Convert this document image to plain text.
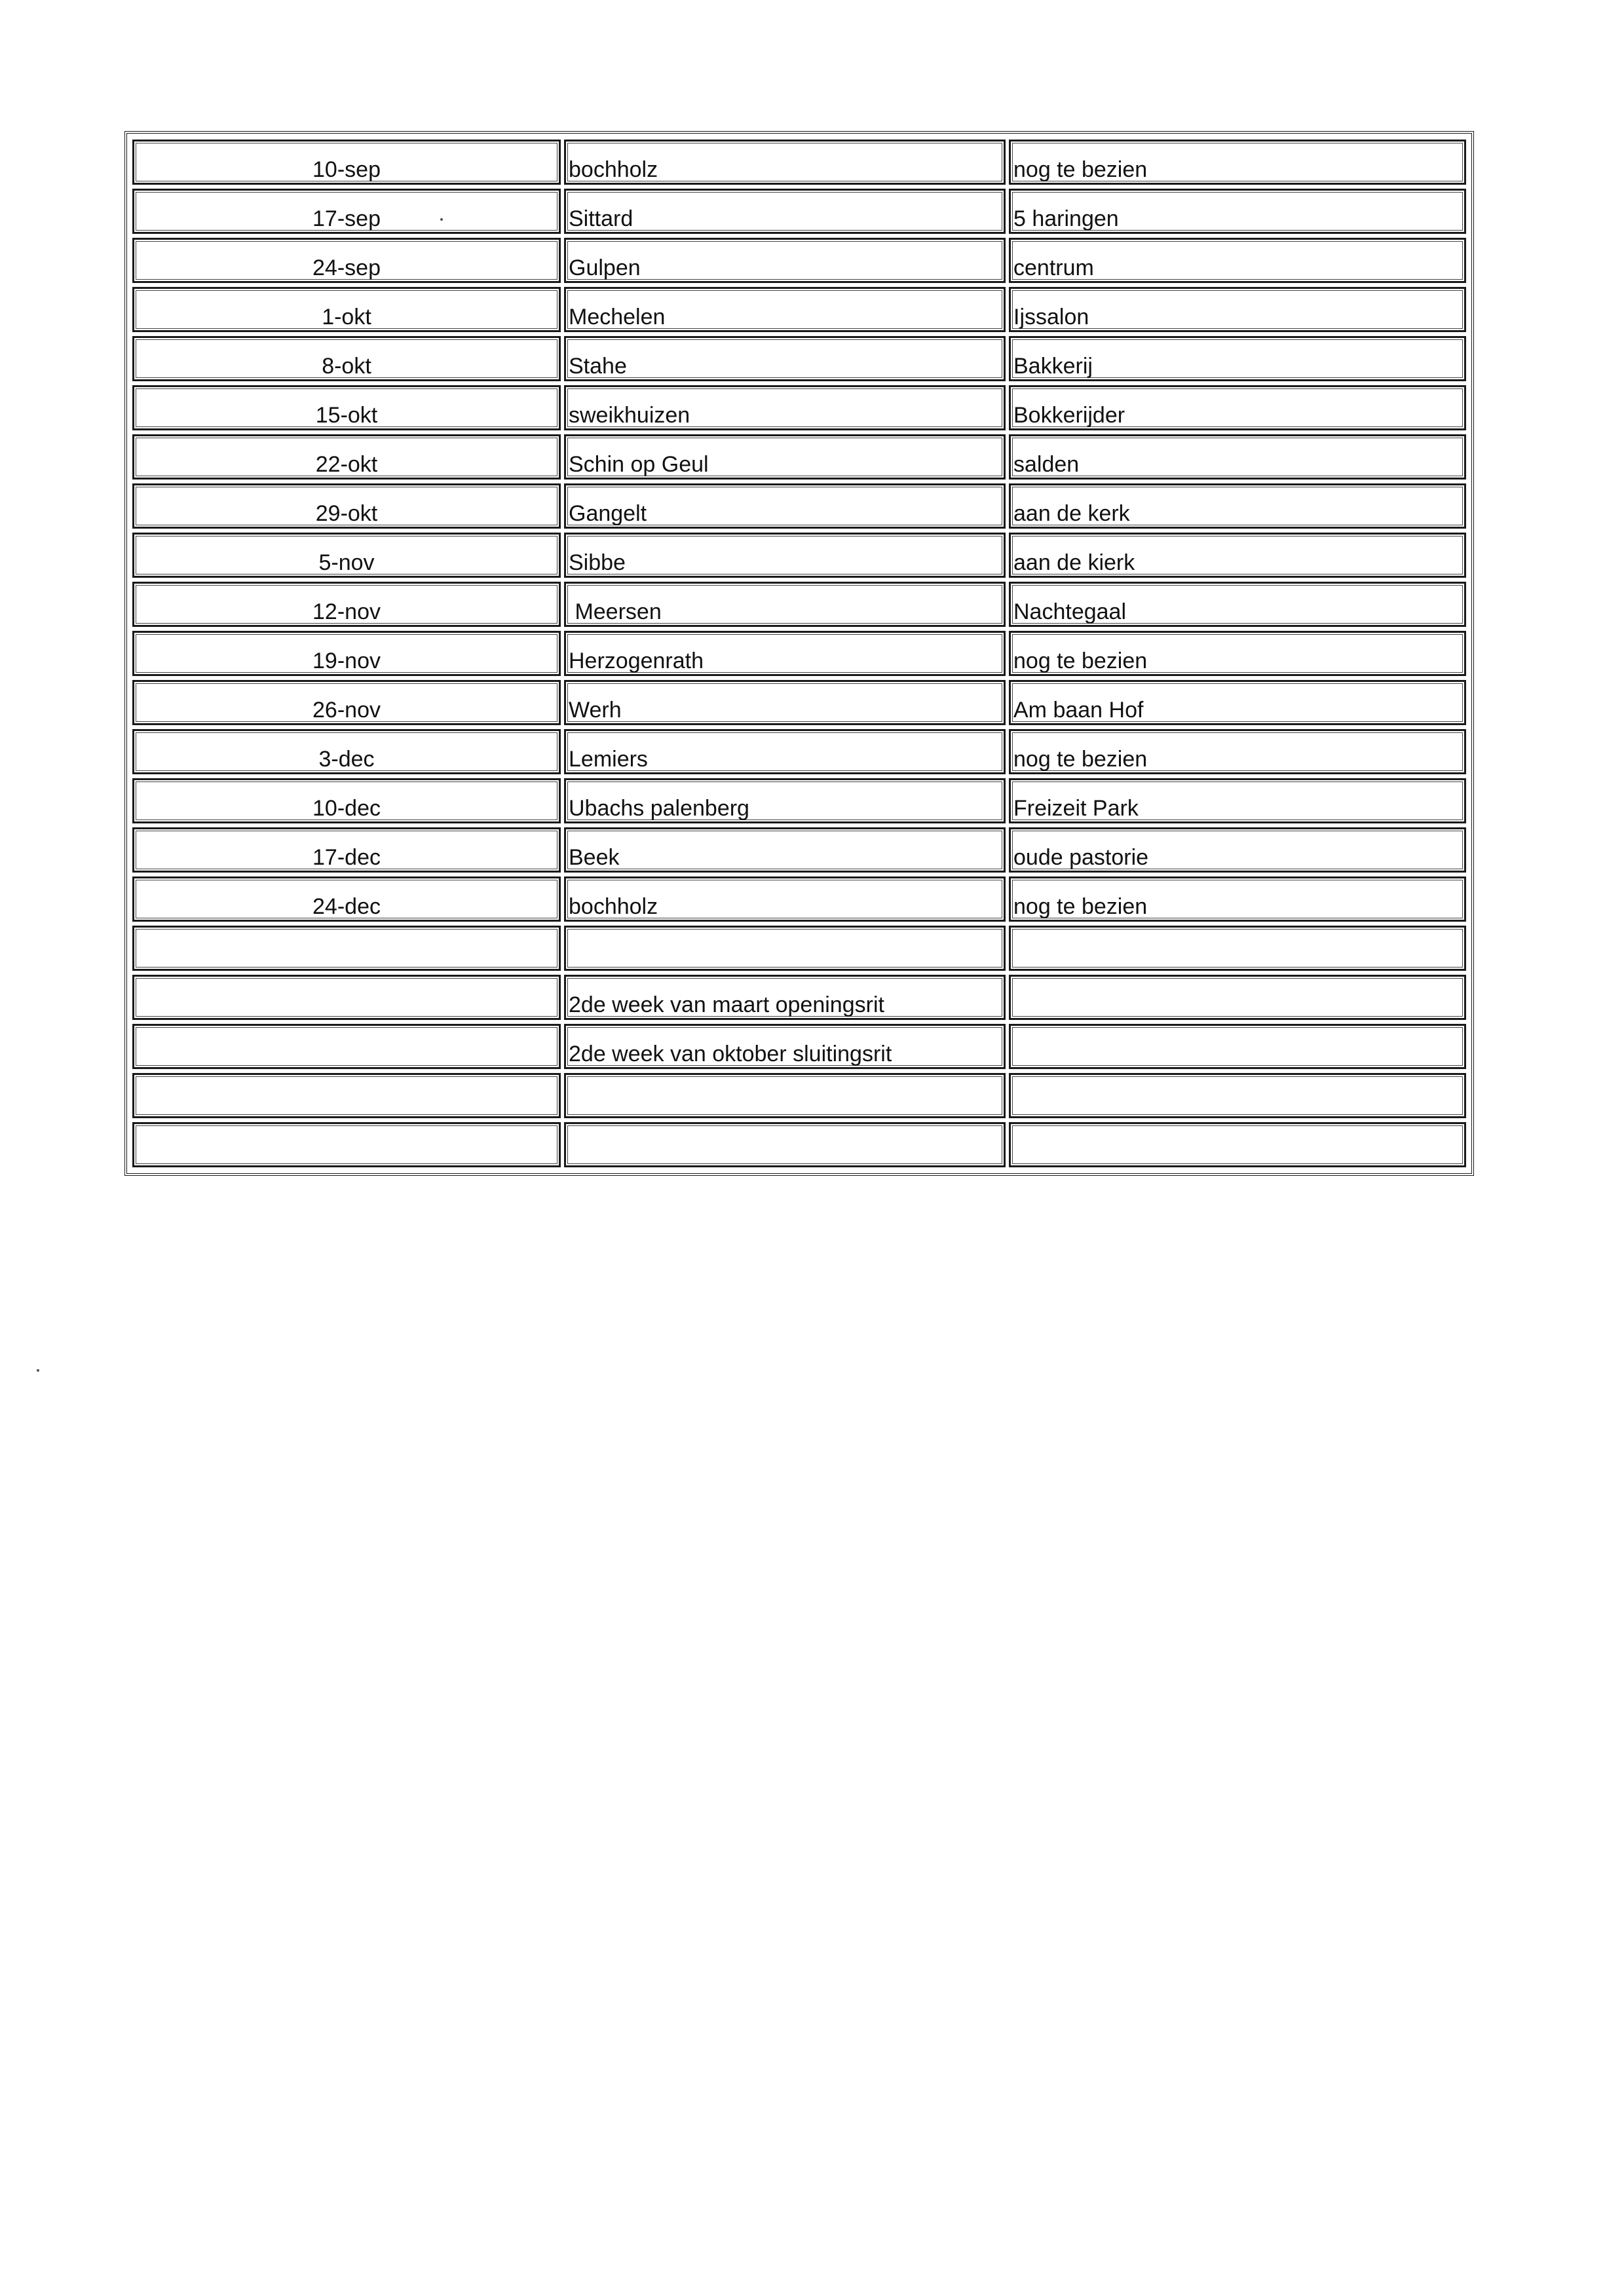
10-sep	bochholz	nog te bezien
17-sep	Sittard	5 haringen
24-sep	Gulpen	centrum
1-okt	Mechelen	Ijssalon
8-okt	Stahe	Bakkerij
15-okt	sweikhuizen	Bokkerijder
22-okt	Schin op Geul	salden
29-okt	Gangelt	aan de kerk
5-nov	Sibbe	aan de kierk
12-nov	Meersen	Nachtegaal
19-nov	Herzogenrath	nog te bezien
26-nov	Werh	Am baan Hof
3-dec	Lemiers	nog te bezien
10-dec	Ubachs palenberg	Freizeit Park
17-dec	Beek	oude pastorie
24-dec	bochholz	nog te bezien

	2de week van maart openingsrit	
	2de week van oktober sluitingsrit	
